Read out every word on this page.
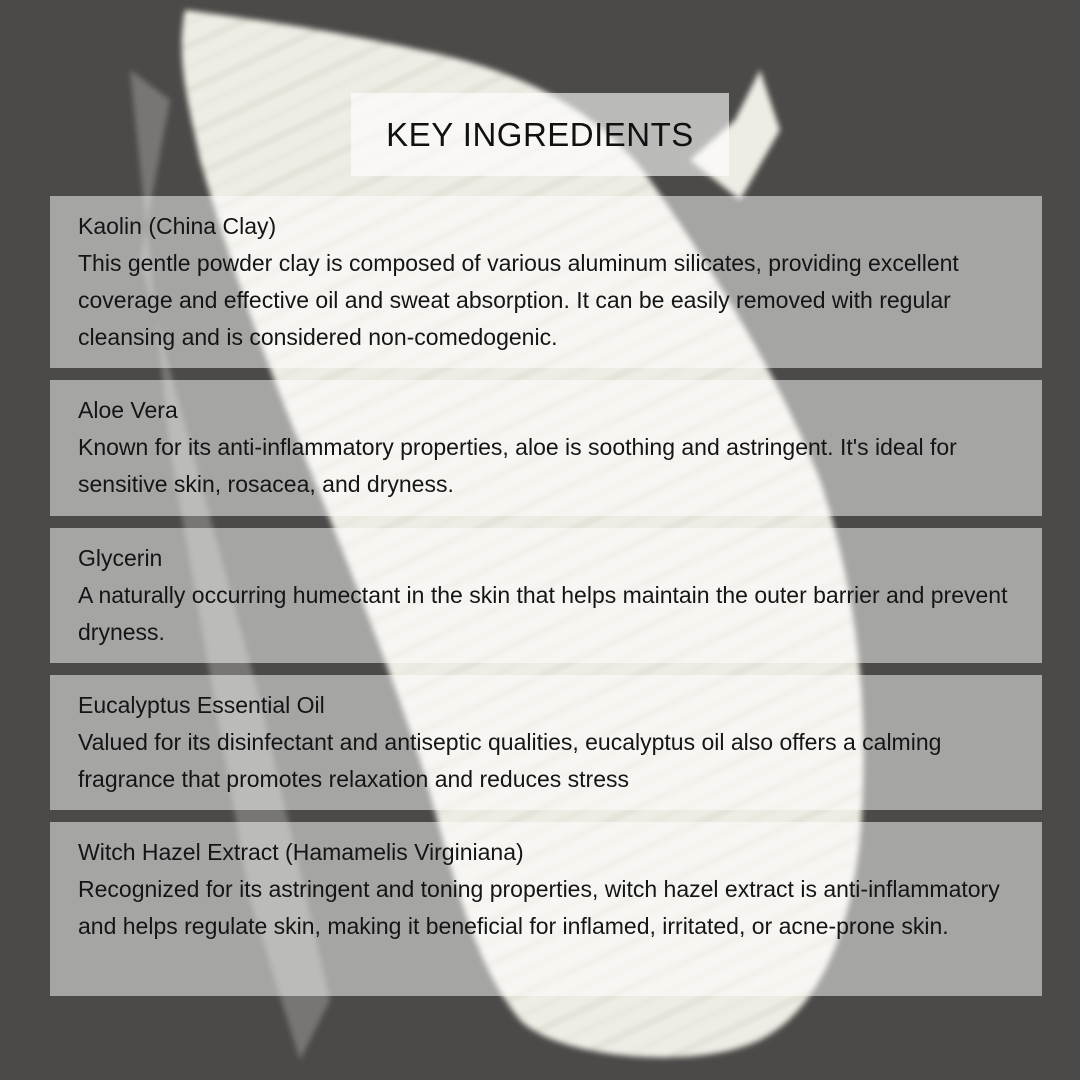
KEY INGREDIENTS
Kaolin (China Clay)
This gentle powder clay is composed of various aluminum silicates, providing excellent coverage and effective oil and sweat absorption. It can be easily removed with regular cleansing and is considered non-comedogenic.
Aloe Vera
Known for its anti-inflammatory properties, aloe is soothing and astringent. It's ideal for sensitive skin, rosacea, and dryness.
Glycerin
A naturally occurring humectant in the skin that helps maintain the outer barrier and prevent dryness.
Eucalyptus Essential Oil
Valued for its disinfectant and antiseptic qualities, eucalyptus oil also offers a calming fragrance that promotes relaxation and reduces stress
Witch Hazel Extract (Hamamelis Virginiana)
Recognized for its astringent and toning properties, witch hazel extract is anti-inflammatory and helps regulate skin, making it beneficial for inflamed, irritated, or acne-prone skin.
